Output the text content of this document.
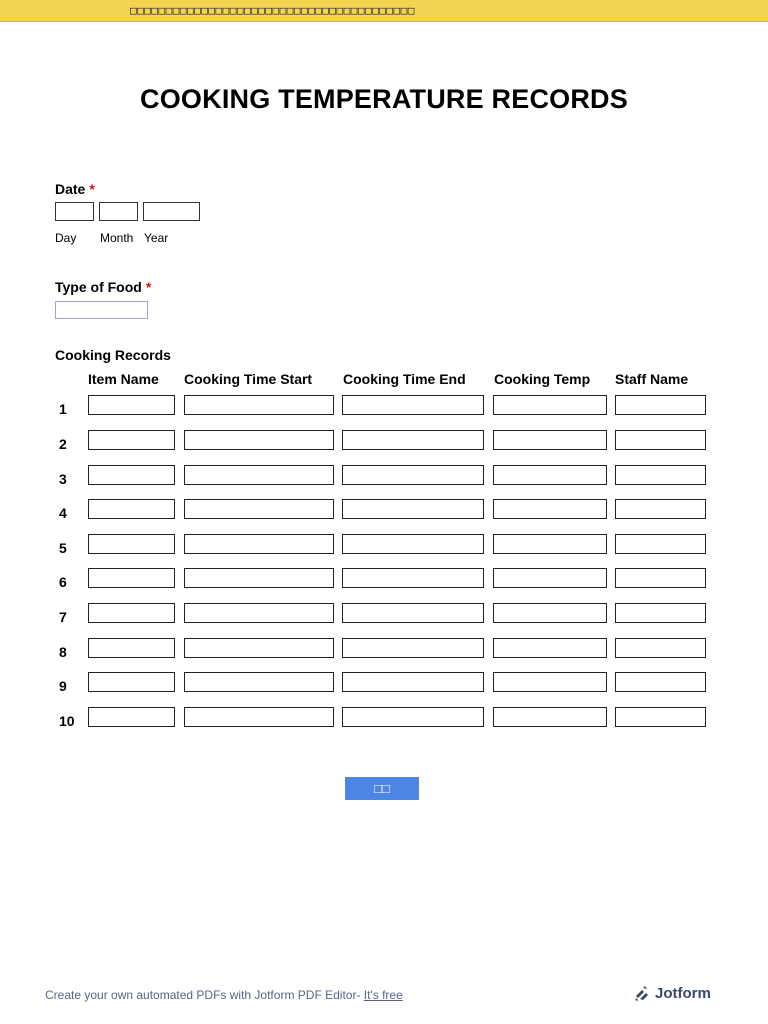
□□□□□□□□□□□□□□□□□□□□□□□□□□□□□□□□□□□□□□□□
COOKING TEMPERATURE RECORDS
Date *
Day Month Year
Type of Food *
Cooking Records
Item Name Cooking Time Start Cooking Time End Cooking Temp Staff Name
1
2
3
4
5
6
7
8
9
10
□□
Create your own automated PDFs with Jotform PDF Editor- It's free	Jotform
